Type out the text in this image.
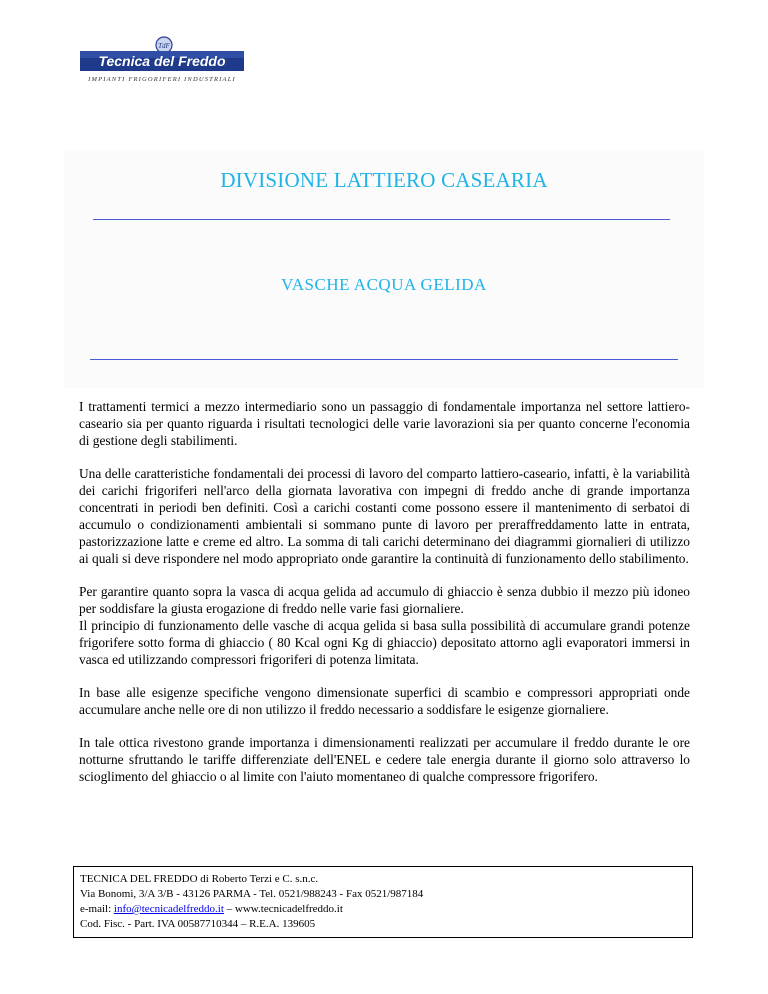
TdF
Tecnica del Freddo
IMPIANTI FRIGORIFERI INDUSTRIALI
DIVISIONE LATTIERO CASEARIA
VASCHE ACQUA GELIDA

I trattamenti termici a mezzo intermediario sono un passaggio di fondamentale importanza nel settore lattiero-caseario sia per quanto riguarda i risultati tecnologici delle varie lavorazioni sia per quanto concerne l'economia di gestione degli stabilimenti.

Una delle caratteristiche fondamentali dei processi di lavoro del comparto lattiero-caseario, infatti, è la variabilità dei carichi frigoriferi nell'arco della giornata lavorativa con impegni di freddo anche di grande importanza concentrati in periodi ben definiti. Così a carichi costanti come possono essere il mantenimento di serbatoi di accumulo o condizionamenti ambientali si sommano punte di lavoro per preraffreddamento latte in entrata, pastorizzazione latte e creme ed altro. La somma di tali carichi determinano dei diagrammi giornalieri di utilizzo ai quali si deve rispondere nel modo appropriato onde garantire la continuità di funzionamento dello stabilimento.

Per garantire quanto sopra la vasca di acqua gelida ad accumulo di ghiaccio è senza dubbio il mezzo più idoneo per soddisfare la giusta erogazione di freddo nelle varie fasi giornaliere.

Il principio di funzionamento delle vasche di acqua gelida si basa sulla possibilità di accumulare grandi potenze frigorifere sotto forma di ghiaccio ( 80 Kcal ogni Kg di ghiaccio) depositato attorno agli evaporatori immersi in vasca ed utilizzando compressori frigoriferi di potenza limitata.

In base alle esigenze specifiche vengono dimensionate superfici di scambio e compressori appropriati onde accumulare anche nelle ore di non utilizzo il freddo necessario a soddisfare le esigenze giornaliere.

In tale ottica rivestono grande importanza i dimensionamenti realizzati per accumulare il freddo durante le ore notturne sfruttando le tariffe differenziate dell'ENEL e cedere tale energia durante il giorno solo attraverso lo scioglimento del ghiaccio o al limite con l'aiuto momentaneo di qualche compressore frigorifero.

TECNICA DEL FREDDO di Roberto Terzi e C. s.n.c.
Via Bonomi, 3/A 3/B - 43126 PARMA - Tel. 0521/988243 - Fax 0521/987184
e-mail: info@tecnicadelfreddo.it – www.tecnicadelfreddo.it
Cod. Fisc. - Part. IVA 00587710344 – R.E.A. 139605
